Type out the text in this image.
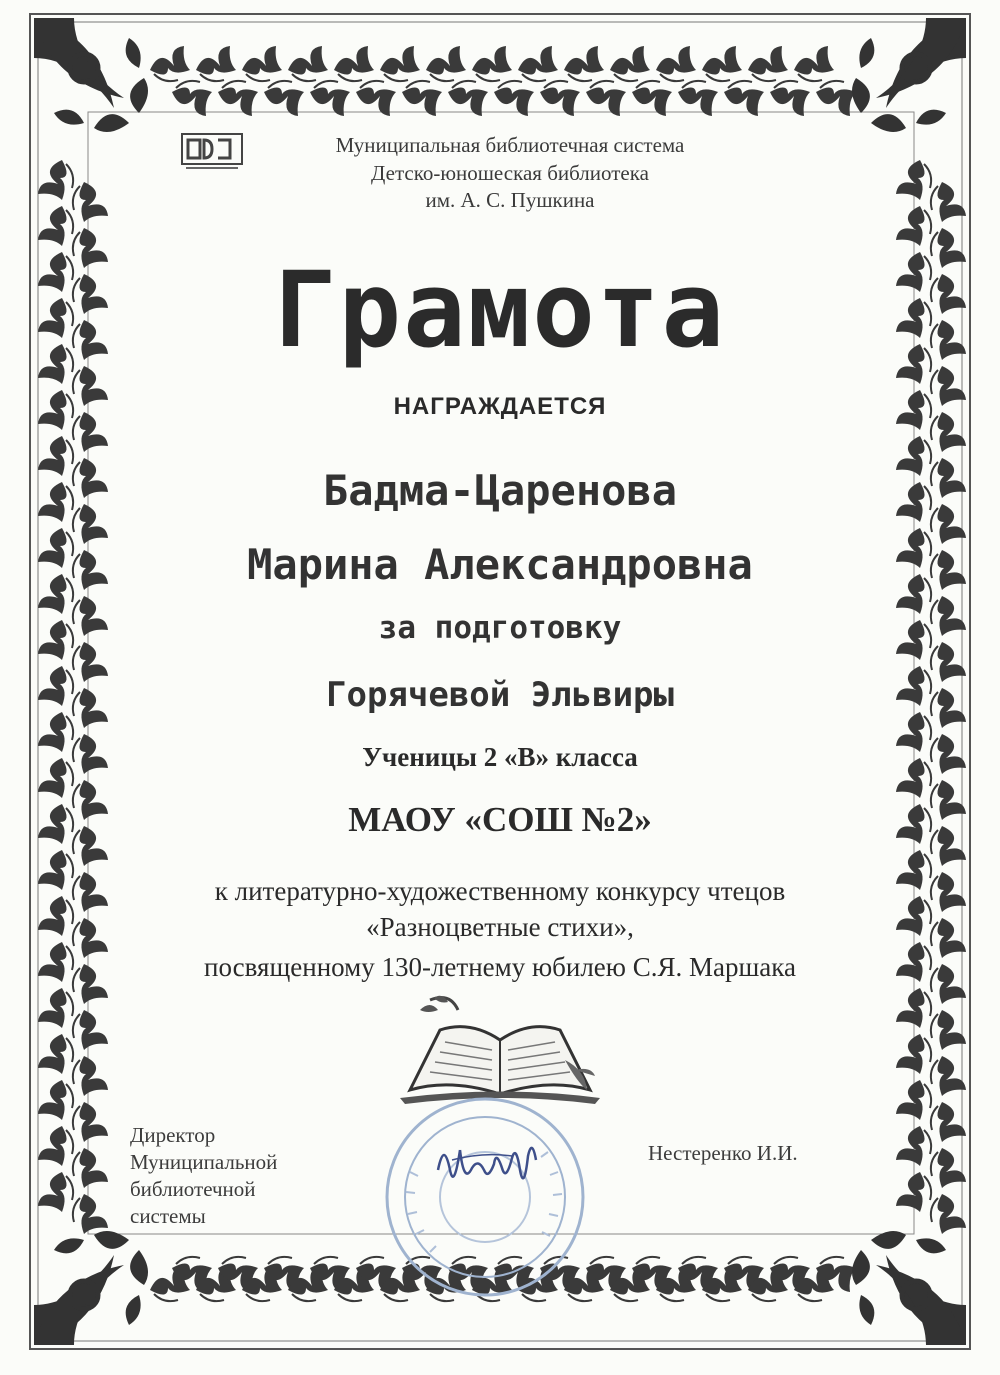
Муниципальная библиотечная система
Детско-юношеская библиотека
им. А. С. Пушкина
Грамота
НАГРАЖДАЕТСЯ
Бадма-Царенова
Марина Александровна
за подготовку
Горячевой Эльвиры
Ученицы 2 «В» класса
МАОУ «СОШ №2»
к литературно-художественному конкурсу чтецов
«Разноцветные стихи»,
посвященному 130-летнему юбилею С.Я. Маршака
Директор
Муниципальной
библиотечной
системы
Нестеренко И.И.
